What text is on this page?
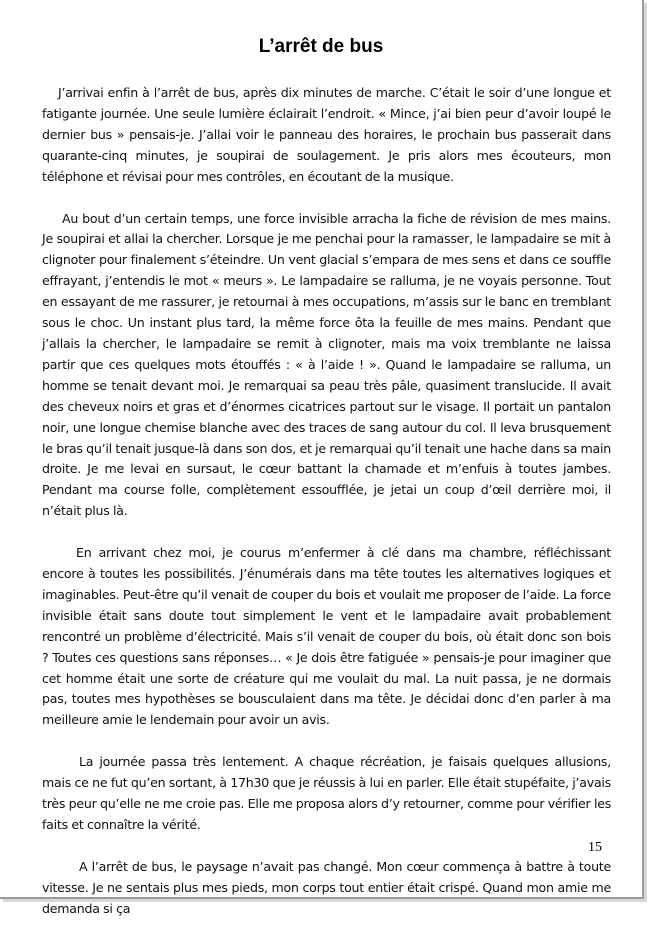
L’arrêt de bus

J’arrivai enfin à l’arrêt de bus, après dix minutes de marche. C’était le soir d’une longue et fatigante journée. Une seule lumière éclairait l’endroit. « Mince, j’ai bien peur d’avoir loupé le dernier bus » pensais-je. J’allai voir le panneau des horaires, le prochain bus passerait dans quarante-cinq minutes, je soupirai de soulagement. Je pris alors mes écouteurs, mon téléphone et révisai pour mes contrôles, en écoutant de la musique.

Au bout d’un certain temps, une force invisible arracha la fiche de révision de mes mains. Je soupirai et allai la chercher. Lorsque je me penchai pour la ramasser, le lampadaire se mit à clignoter pour finalement s’éteindre. Un vent glacial s’empara de mes sens et dans ce souffle effrayant, j’entendis le mot « meurs ». Le lampadaire se ralluma, je ne voyais personne. Tout en essayant de me rassurer, je retournai à mes occupations, m’assis sur le banc en tremblant sous le choc. Un instant plus tard, la même force ôta la feuille de mes mains. Pendant que j’allais la chercher, le lampadaire se remit à clignoter, mais ma voix tremblante ne laissa partir que ces quelques mots étouffés : « à l’aide ! ». Quand le lampadaire se ralluma, un homme se tenait devant moi. Je remarquai sa peau très pâle, quasiment translucide. Il avait des cheveux noirs et gras et d’énormes cicatrices partout sur le visage. Il portait un pantalon noir, une longue chemise blanche avec des traces de sang autour du col. Il leva brusquement le bras qu’il tenait jusque-là dans son dos, et je remarquai qu’il tenait une hache dans sa main droite. Je me levai en sursaut, le cœur battant la chamade et m’enfuis à toutes jambes. Pendant ma course folle, complètement essoufflée, je jetai un coup d’œil derrière moi, il n’était plus là.

En arrivant chez moi, je courus m’enfermer à clé dans ma chambre, réfléchissant encore à toutes les possibilités. J’énumérais dans ma tête toutes les alternatives logiques et imaginables. Peut-être qu’il venait de couper du bois et voulait me proposer de l’aide. La force invisible était sans doute tout simplement le vent et le lampadaire avait probablement rencontré un problème d’électricité. Mais s’il venait de couper du bois, où était donc son bois ? Toutes ces questions sans réponses… « Je dois être fatiguée » pensais-je pour imaginer que cet homme était une sorte de créature qui me voulait du mal. La nuit passa, je ne dormais pas, toutes mes hypothèses se bousculaient dans ma tête. Je décidai donc d’en parler à ma meilleure amie le lendemain pour avoir un avis.

La journée passa très lentement. A chaque récréation, je faisais quelques allusions, mais ce ne fut qu’en sortant, à 17h30 que je réussis à lui en parler. Elle était stupéfaite, j’avais très peur qu’elle ne me croie pas. Elle me proposa alors d’y retourner, comme pour vérifier les faits et connaître la vérité.

A l’arrêt de bus, le paysage n’avait pas changé. Mon cœur commença à battre à toute vitesse. Je ne sentais plus mes pieds, mon corps tout entier était crispé. Quand mon amie me demanda si ça

15
